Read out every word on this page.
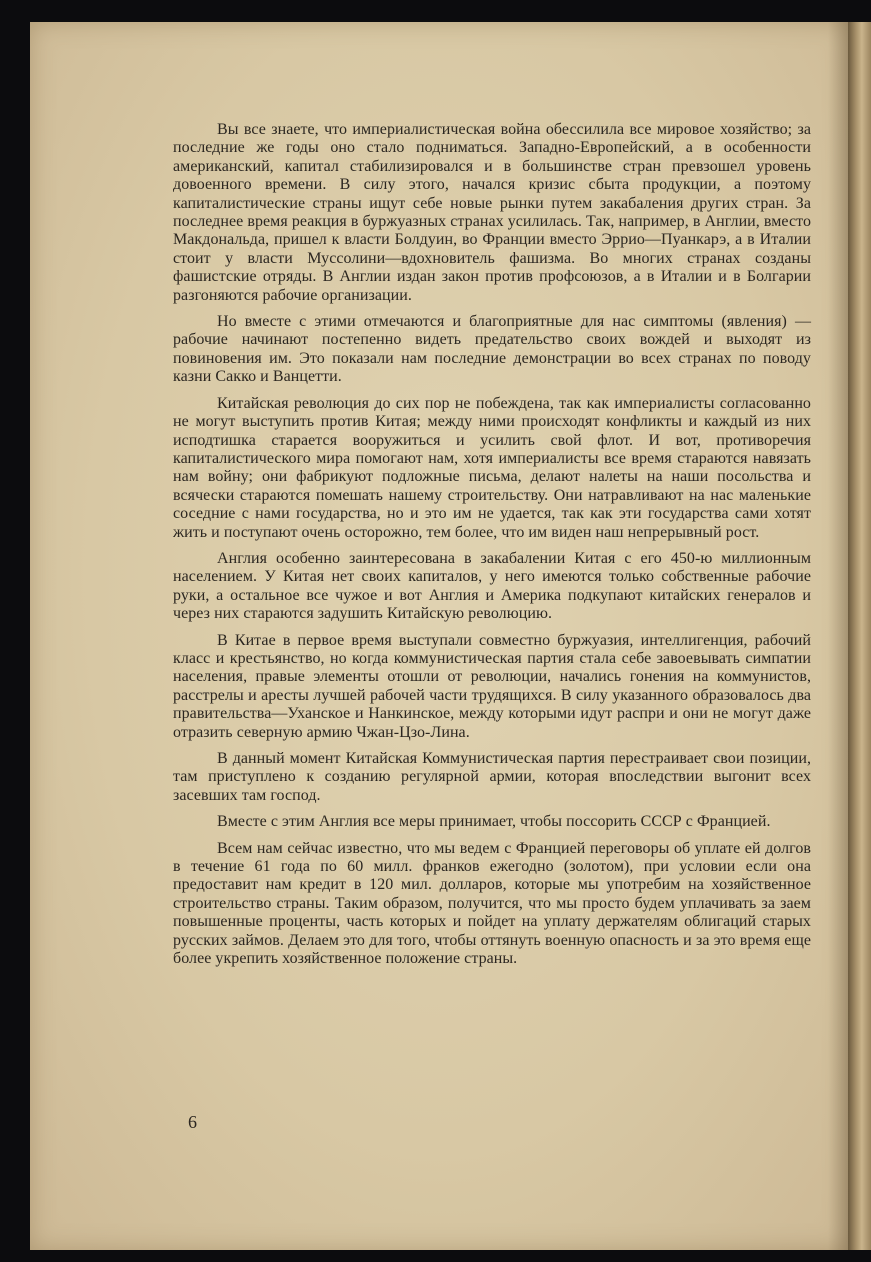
Вы все знаете, что империалистическая война обессилила все мировое хозяйство; за последние же годы оно стало подниматься. Западно-Европейский, а в особенности американский, капитал стабилизировался и в большинстве стран превзошел уровень довоенного времени. В силу этого, начался кризис сбыта продукции, а поэтому капиталистические страны ищут себе новые рынки путем закабаления других стран. За последнее время реакция в буржуазных странах усилилась. Так, например, в Англии, вместо Макдональда, пришел к власти Болдуин, во Франции вместо Эррио—Пуанкарэ, а в Италии стоит у власти Муссолини—вдохновитель фашизма. Во многих странах созданы фашистские отряды. В Англии издан закон против профсоюзов, а в Италии и в Болгарии разгоняются рабочие организации.

Но вместе с этими отмечаются и благоприятные для нас симптомы (явления) — рабочие начинают постепенно видеть предательство своих вождей и выходят из повиновения им. Это показали нам последние демонстрации во всех странах по поводу казни Сакко и Ванцетти.

Китайская революция до сих пор не побеждена, так как империалисты согласованно не могут выступить против Китая; между ними происходят конфликты и каждый из них исподтишка старается вооружиться и усилить свой флот. И вот, противоречия капиталистического мира помогают нам, хотя империалисты все время стараются навязать нам войну; они фабрикуют подложные письма, делают налеты на наши посольства и всячески стараются помешать нашему строительству. Они натравливают на нас маленькие соседние с нами государства, но и это им не удается, так как эти государства сами хотят жить и поступают очень осторожно, тем более, что им виден наш непрерывный рост.

Англия особенно заинтересована в закабалении Китая с его 450-ю миллионным населением. У Китая нет своих капиталов, у него имеются только собственные рабочие руки, а остальное все чужое и вот Англия и Америка подкупают китайских генералов и через них стараются задушить Китайскую революцию.

В Китае в первое время выступали совместно буржуазия, интеллигенция, рабочий класс и крестьянство, но когда коммунистическая партия стала себе завоевывать симпатии населения, правые элементы отошли от революции, начались гонения на коммунистов, расстрелы и аресты лучшей рабочей части трудящихся. В силу указанного образовалось два правительства—Уханское и Нанкинское, между которыми идут распри и они не могут даже отразить северную армию Чжан-Цзо-Лина.

В данный момент Китайская Коммунистическая партия перестраивает свои позиции, там приступлено к созданию регулярной армии, которая впоследствии выгонит всех засевших там господ.

Вместе с этим Англия все меры принимает, чтобы поссорить СССР с Францией.

Всем нам сейчас известно, что мы ведем с Францией переговоры об уплате ей долгов в течение 61 года по 60 милл. франков ежегодно (золотом), при условии если она предоставит нам кредит в 120 мил. долларов, которые мы употребим на хозяйственное строительство страны. Таким образом, получится, что мы просто будем уплачивать за заем повышенные проценты, часть которых и пойдет на уплату держателям облигаций старых русских займов. Делаем это для того, чтобы оттянуть военную опасность и за это время еще более укрепить хозяйственное положение страны.

6
